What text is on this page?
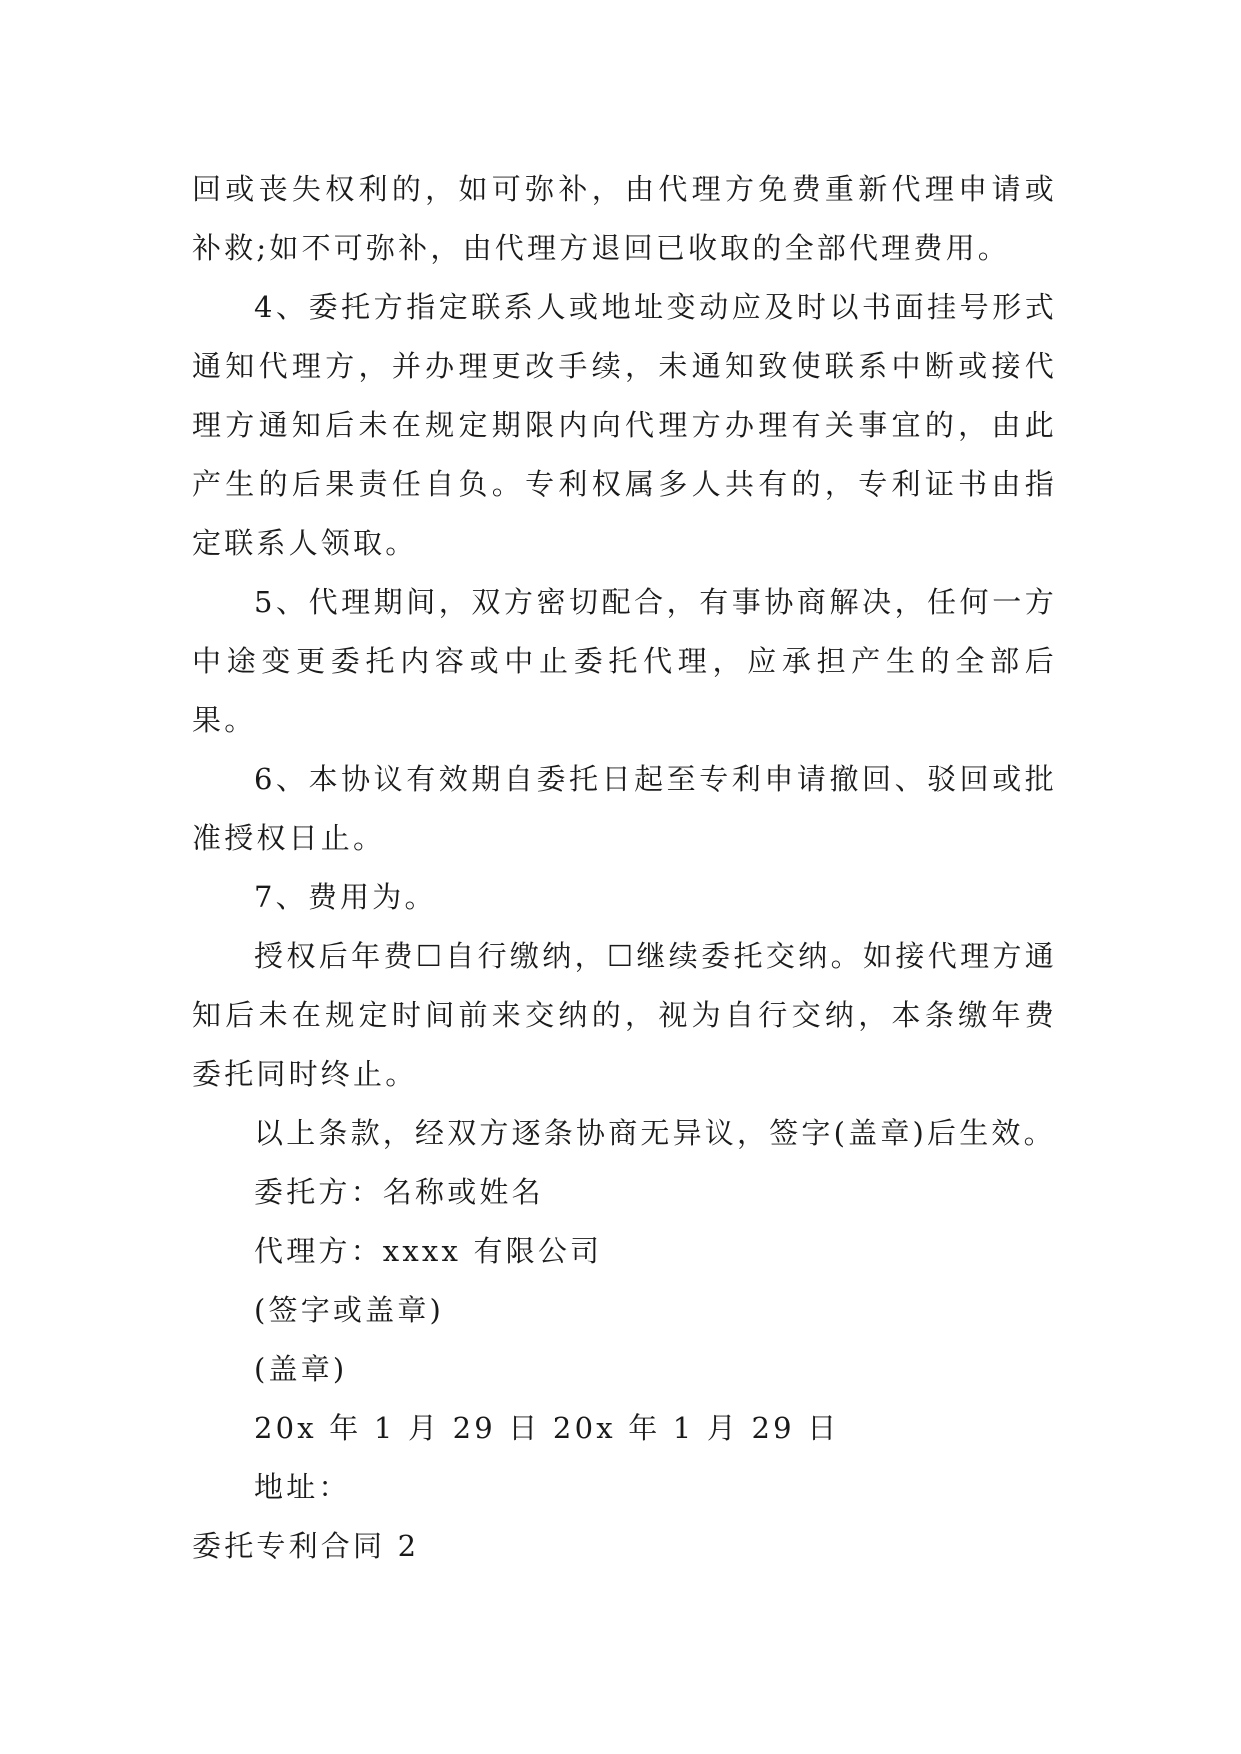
回或丧失权利的，如可弥补，由代理方免费重新代理申请或补救;如不可弥补，由代理方退回已收取的全部代理费用。

4、委托方指定联系人或地址变动应及时以书面挂号形式通知代理方，并办理更改手续，未通知致使联系中断或接代理方通知后未在规定期限内向代理方办理有关事宜的，由此产生的后果责任自负。专利权属多人共有的，专利证书由指定联系人领取。

5、代理期间，双方密切配合，有事协商解决，任何一方中途变更委托内容或中止委托代理，应承担产生的全部后果。

6、本协议有效期自委托日起至专利申请撤回、驳回或批准授权日止。

7、费用为。

授权后年费☐自行缴纳，☐继续委托交纳。如接代理方通知后未在规定时间前来交纳的，视为自行交纳，本条缴年费委托同时终止。

以上条款，经双方逐条协商无异议，签字(盖章)后生效。

委托方：名称或姓名

代理方：xxxx 有限公司

(签字或盖章)

(盖章)

20x 年 1 月 29 日 20x 年 1 月 29 日

地址：

委托专利合同 2
